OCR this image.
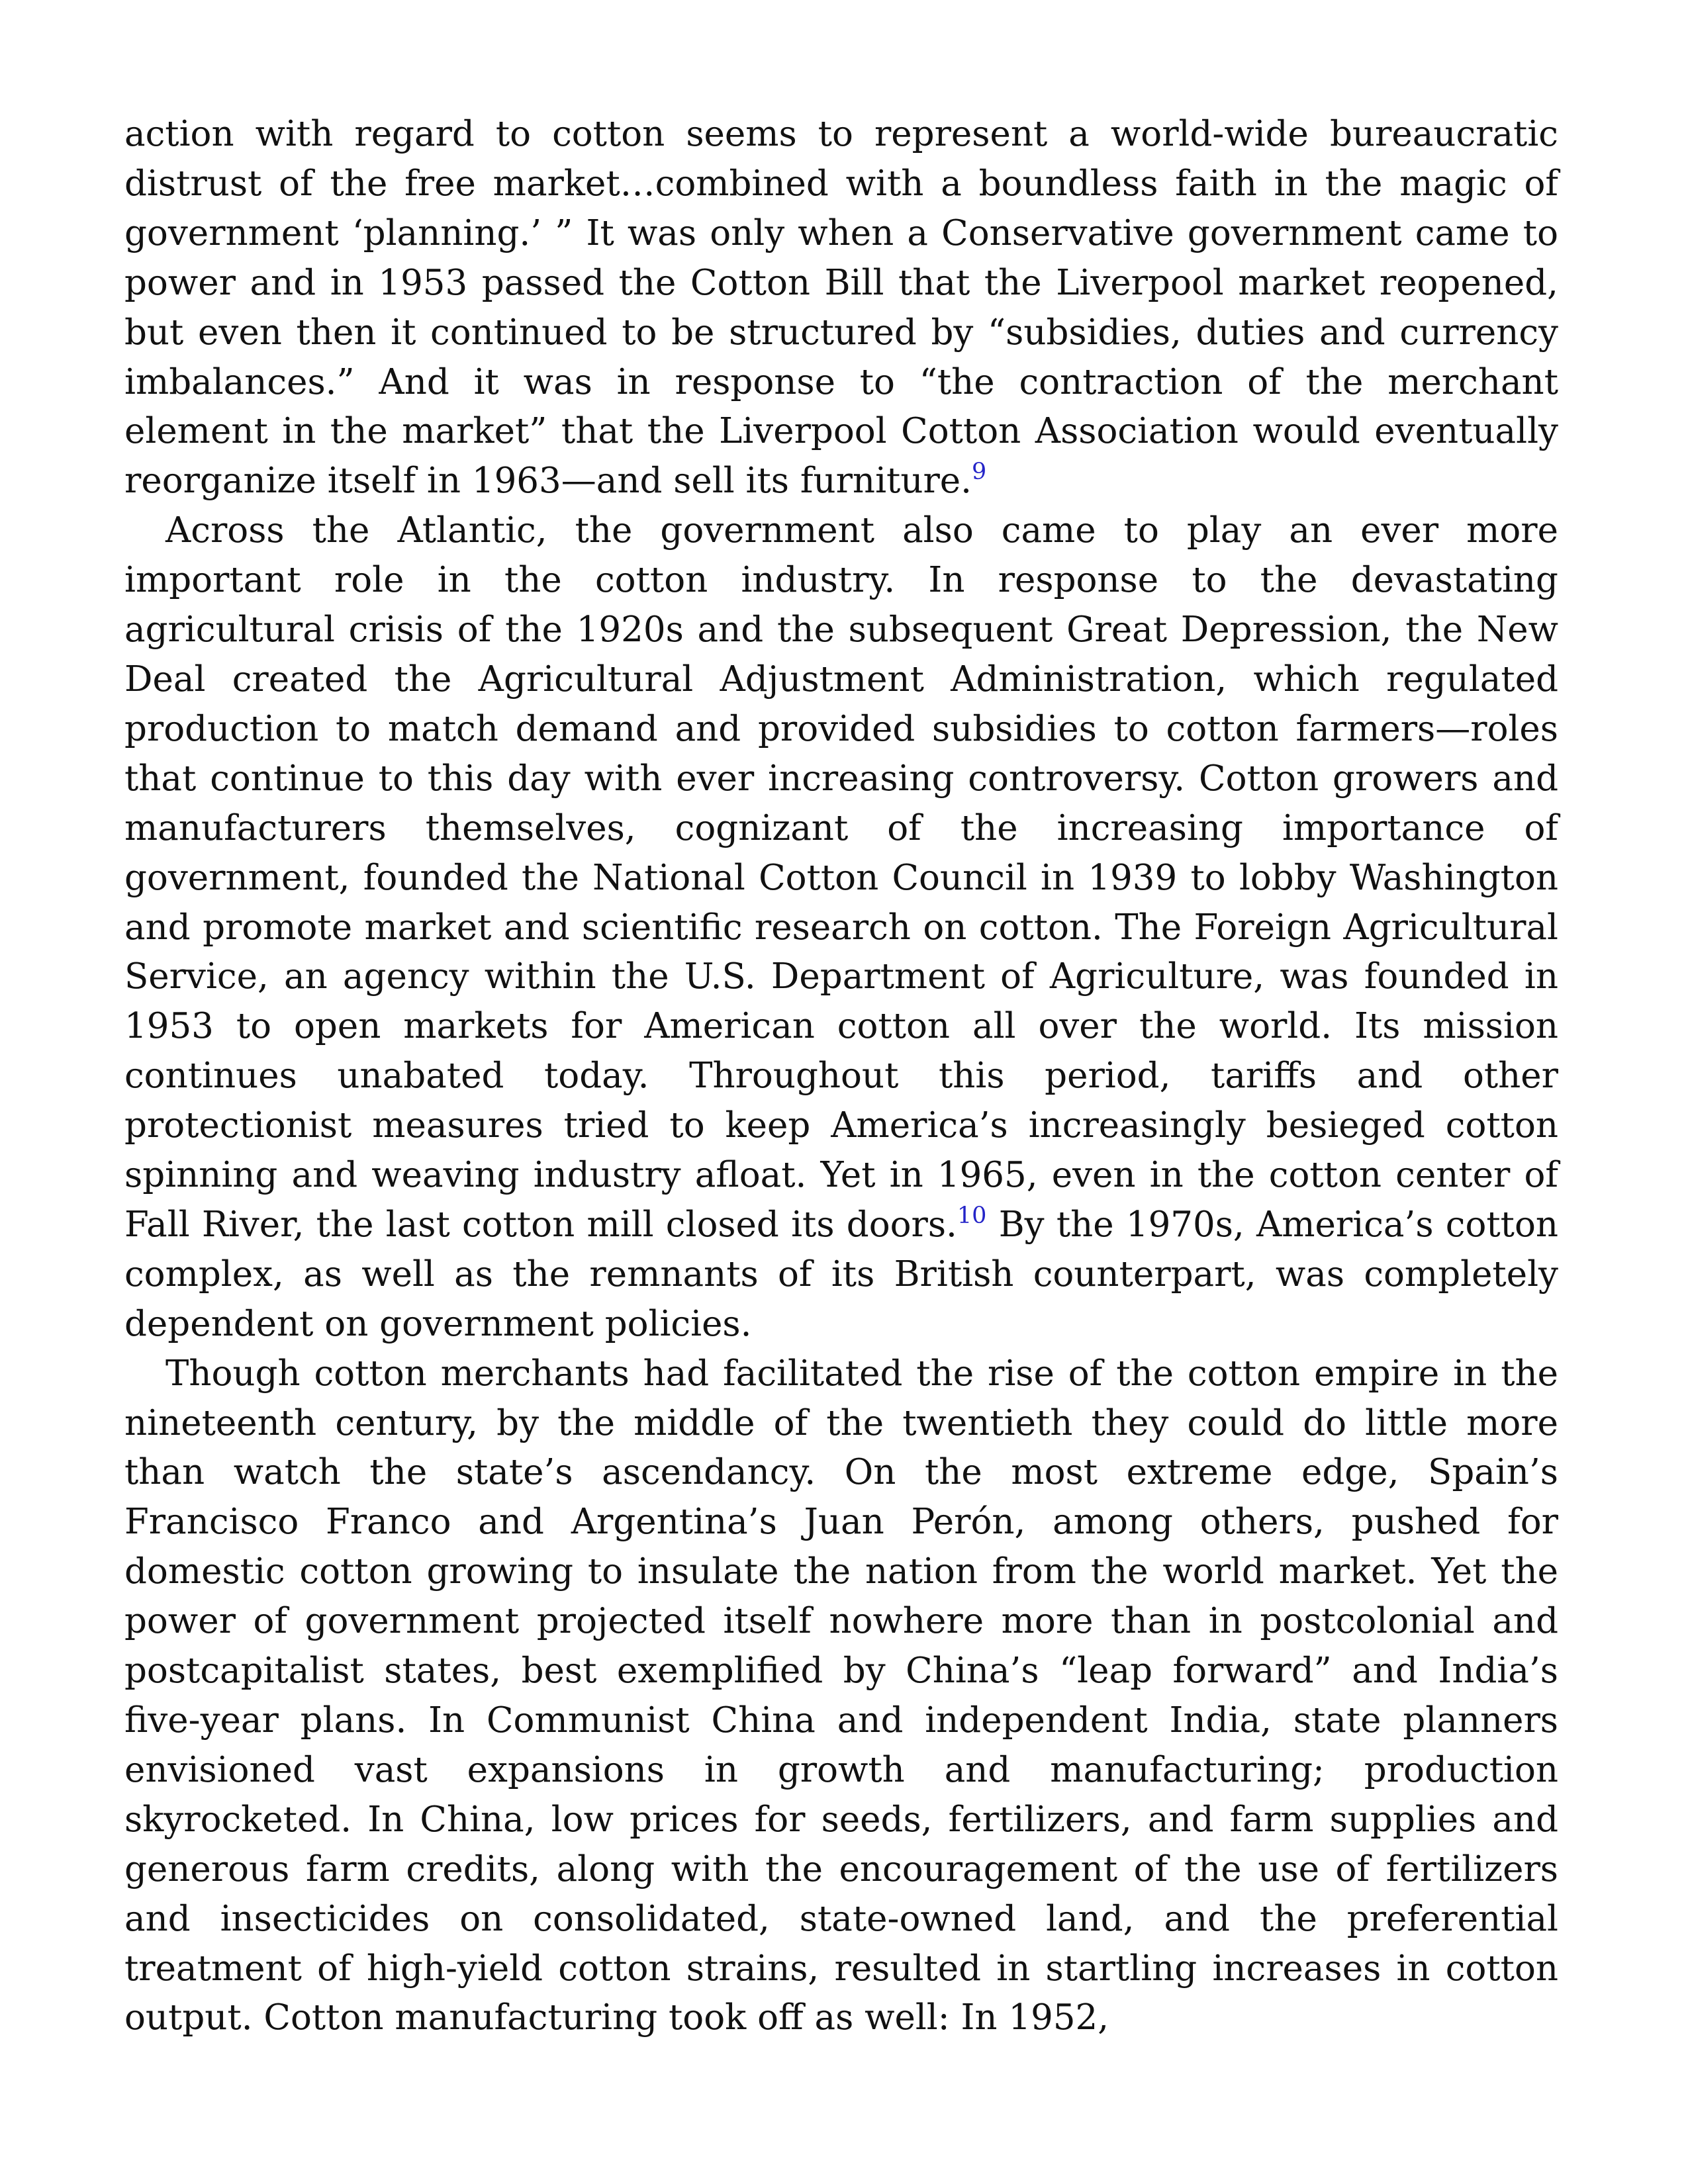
action with regard to cotton seems to represent a world-wide bureaucratic distrust of the free market…combined with a boundless faith in the magic of government ‘planning.’ ” It was only when a Conservative government came to power and in 1953 passed the Cotton Bill that the Liverpool market reopened, but even then it continued to be structured by “subsidies, duties and currency imbalances.” And it was in response to “the contraction of the merchant element in the market” that the Liverpool Cotton Association would eventually reorganize itself in 1963—and sell its furniture.$^9$

Across the Atlantic, the government also came to play an ever more important role in the cotton industry. In response to the devastating agricultural crisis of the 1920s and the subsequent Great Depression, the New Deal created the Agricultural Adjustment Administration, which regulated production to match demand and provided subsidies to cotton farmers—roles that continue to this day with ever increasing controversy. Cotton growers and manufacturers themselves, cognizant of the increasing importance of government, founded the National Cotton Council in 1939 to lobby Washington and promote market and scientific research on cotton. The Foreign Agricultural Service, an agency within the U.S. Department of Agriculture, was founded in 1953 to open markets for American cotton all over the world. Its mission continues unabated today. Throughout this period, tariffs and other protectionist measures tried to keep America’s increasingly besieged cotton spinning and weaving industry afloat. Yet in 1965, even in the cotton center of Fall River, the last cotton mill closed its doors.$^{10}$ By the 1970s, America’s cotton complex, as well as the remnants of its British counterpart, was completely dependent on government policies.

Though cotton merchants had facilitated the rise of the cotton empire in the nineteenth century, by the middle of the twentieth they could do little more than watch the state’s ascendancy. On the most extreme edge, Spain’s Francisco Franco and Argentina’s Juan Perón, among others, pushed for domestic cotton growing to insulate the nation from the world market. Yet the power of government projected itself nowhere more than in postcolonial and postcapitalist states, best exemplified by China’s “leap forward” and India’s five-year plans. In Communist China and independent India, state planners envisioned vast expansions in growth and manufacturing; production skyrocketed. In China, low prices for seeds, fertilizers, and farm supplies and generous farm credits, along with the encouragement of the use of fertilizers and insecticides on consolidated, state-owned land, and the preferential treatment of high-yield cotton strains, resulted in startling increases in cotton output. Cotton manufacturing took off as well: In 1952,
